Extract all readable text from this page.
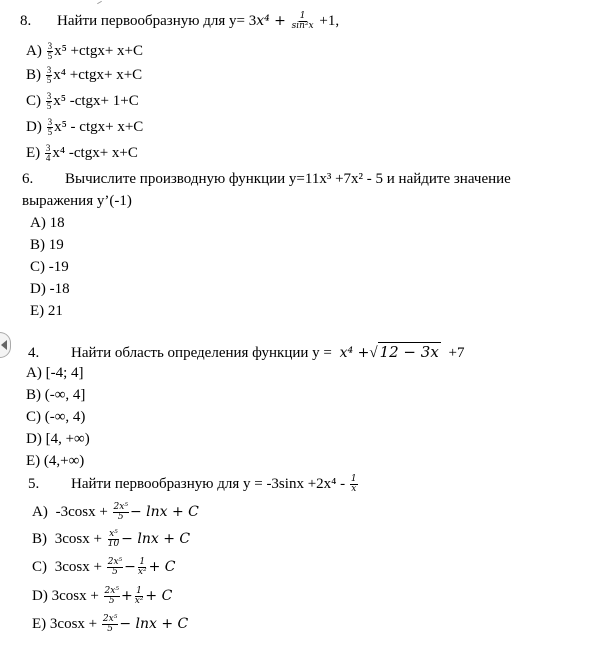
8. Найти первообразную для y= 3𝑥⁴ + $\frac{1}{\text{sin²x}} +1$,
$А) \frac{3}{5} x^5$ +ctgx+ x+C
$B) \frac{3}{5} x^4$ +ctgx+ x+C
$C) \frac{3}{5} x^5$ -ctgx+ 1+C
$D) \frac{3}{5} x^5$ - ctgx+ x+C
$E) \frac{3}{4} x^4$ -ctgx+ x+C
6. Вычислите производную функции y=11x³ +7x² - 5 и найдите значение
выражения y’(-1)
А) 18
B) 19
C) -19
D) -18
E) 21
4. Найти область определения функции y = 𝑥⁴ +√ 12 − 3𝑥 +7
А) [-4; 4]
B) (-∞, 4]
C) (-∞, 4)
D) [4, +∞)
E) (4,+∞)
5. Найти первообразную для $y = -3\sin x +2x^4 - \frac{1}{x}$
А) $-3\cos x + \frac{\text{2x⁵}}{5}$ − 𝑙𝑛𝑥 + 𝐶
B) $3\cos x + \frac{\text{x⁵}}{10}$ − 𝑙𝑛𝑥 + 𝐶
C) $3\cos x + \frac{\text{2x⁵}}{5} - \frac{1}{\text{x²}}$ + 𝐶
D) $3\cos x + \frac{\text{2x⁵}}{5} + \frac{1}{\text{x²}}$ + 𝐶
E) $3\cos x + \frac{\text{2x⁵}}{5}$ − 𝑙𝑛𝑥 + 𝐶
